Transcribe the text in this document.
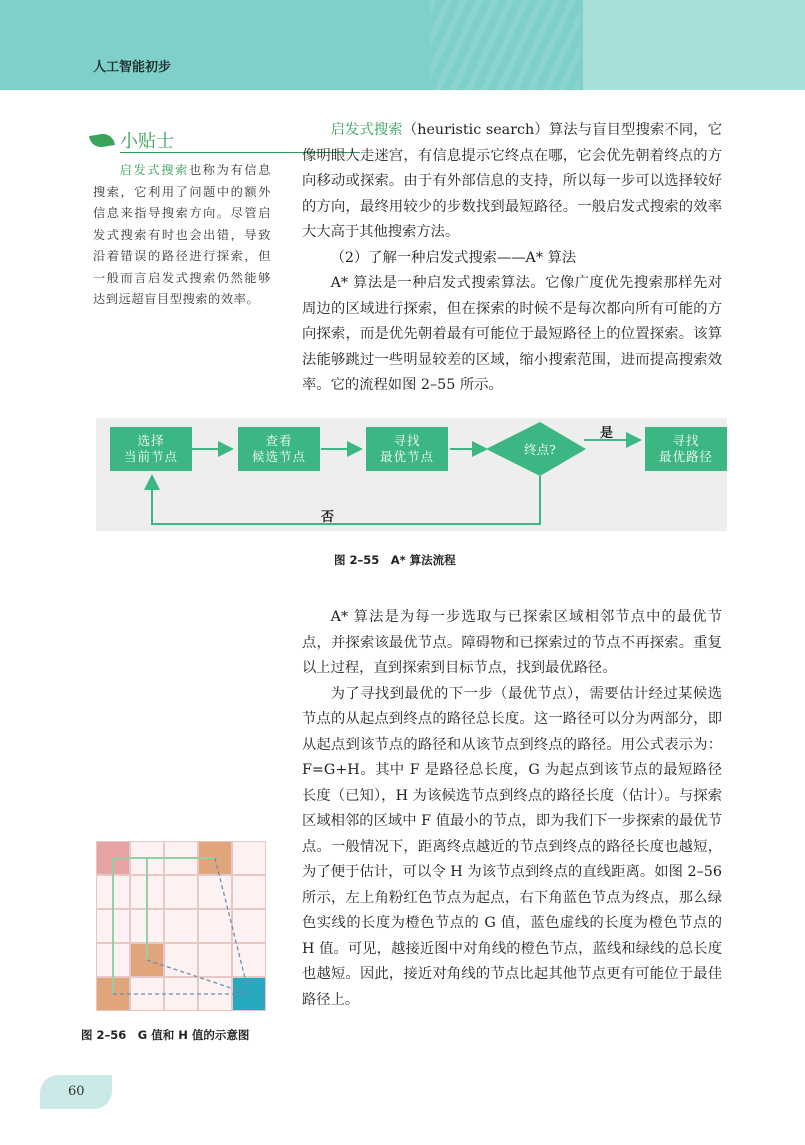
人工智能初步
小贴士
  启发式搜索也称为有信息搜索，它利用了问题中的额外信息来指导搜索方向。尽管启发式搜索有时也会出错，导致沿着错误的路径进行探索，但一般而言启发式搜索仍然能够达到远超盲目型搜索的效率。

启发式搜索（heuristic search）算法与盲目型搜索不同，它像明眼人走迷宫，有信息提示它终点在哪，它会优先朝着终点的方向移动或探索。由于有外部信息的支持，所以每一步可以选择较好的方向，最终用较少的步数找到最短路径。一般启发式搜索的效率大大高于其他搜索方法。

（2）了解一种启发式搜索——A* 算法

A* 算法是一种启发式搜索算法。它像广度优先搜索那样先对周边的区域进行探索，但在探索的时候不是每次都向所有可能的方向探索，而是优先朝着最有可能位于最短路径上的位置探索。该算法能够跳过一些明显较差的区域，缩小搜索范围，进而提高搜索效率。它的流程如图 2–55 所示。

选择
当前节点
查看
候选节点
寻找
最优节点	终点?
寻找
最优路径
是
否
图 2–55　A* 算法流程

A* 算法是为每一步选取与已探索区域相邻节点中的最优节点，并探索该最优节点。障碍物和已探索过的节点不再探索。重复以上过程，直到探索到目标节点，找到最优路径。

为了寻找到最优的下一步（最优节点），需要估计经过某候选节点的从起点到终点的路径总长度。这一路径可以分为两部分，即从起点到该节点的路径和从该节点到终点的路径。用公式表示为：F=G+H。其中 F 是路径总长度，G 为起点到该节点的最短路径长度（已知），H 为该候选节点到终点的路径长度（估计）。与探索区域相邻的区域中 F 值最小的节点，即为我们下一步探索的最优节点。一般情况下，距离终点越近的节点到终点的路径长度也越短，为了便于估计，可以令 H 为该节点到终点的直线距离。如图 2–56 所示，左上角粉红色节点为起点，右下角蓝色节点为终点，那么绿色实线的长度为橙色节点的 G 值，蓝色虚线的长度为橙色节点的 H 值。可见，越接近图中对角线的橙色节点，蓝线和绿线的总长度也越短。因此，接近对角线的节点比起其他节点更有可能位于最佳路径上。

图 2–56　G 值和 H 值的示意图
60
